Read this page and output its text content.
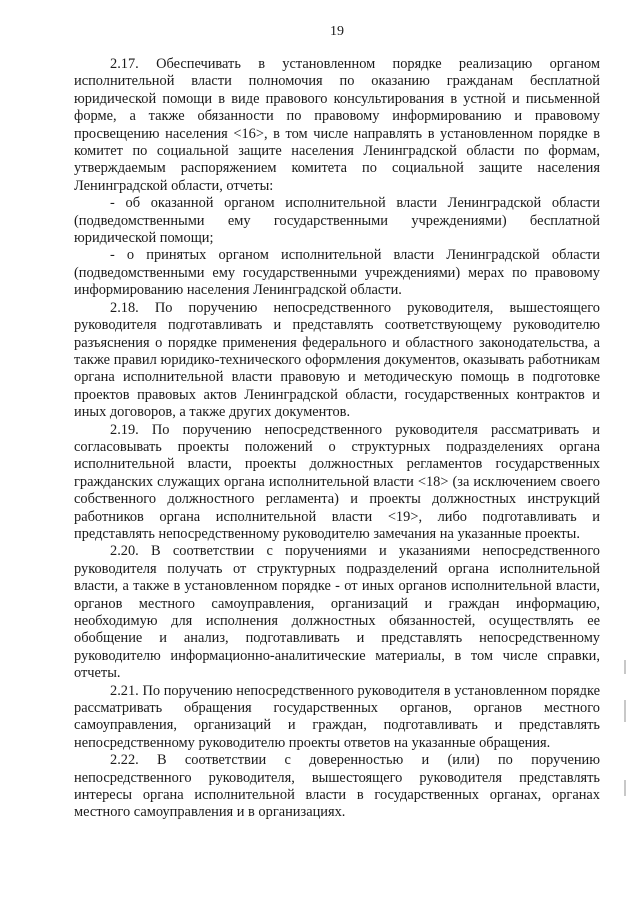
19

2.17. Обеспечивать в установленном порядке реализацию органом исполнительной власти полномочия по оказанию гражданам бесплатной юридической помощи в виде правового консультирования в устной и письменной форме, а также обязанности по правовому информированию и правовому просвещению населения <16>, в том числе направлять в установленном порядке в комитет по социальной защите населения Ленинградской области по формам, утверждаемым распоряжением комитета по социальной защите населения Ленинградской области, отчеты:

- об оказанной органом исполнительной власти Ленинградской области (подведомственными ему государственными учреждениями) бесплатной юридической помощи;

- о принятых органом исполнительной власти Ленинградской области (подведомственными ему государственными учреждениями) мерах по правовому информированию населения Ленинградской области.

2.18. По поручению непосредственного руководителя, вышестоящего руководителя подготавливать и представлять соответствующему руководителю разъяснения о порядке применения федерального и областного законодательства, а также правил юридико-технического оформления документов, оказывать работникам органа исполнительной власти правовую и методическую помощь в подготовке проектов правовых актов Ленинградской области, государственных контрактов и иных договоров, а также других документов.

2.19. По поручению непосредственного руководителя рассматривать и согласовывать проекты положений о структурных подразделениях органа исполнительной власти, проекты должностных регламентов государственных гражданских служащих органа исполнительной власти <18> (за исключением своего собственного должностного регламента) и проекты должностных инструкций работников органа исполнительной власти <19>, либо подготавливать и представлять непосредственному руководителю замечания на указанные проекты.

2.20. В соответствии с поручениями и указаниями непосредственного руководителя получать от структурных подразделений органа исполнительной власти, а также в установленном порядке - от иных органов исполнительной власти, органов местного самоуправления, организаций и граждан информацию, необходимую для исполнения должностных обязанностей, осуществлять ее обобщение и анализ, подготавливать и представлять непосредственному руководителю информационно-аналитические материалы, в том числе справки, отчеты.

2.21. По поручению непосредственного руководителя в установленном порядке рассматривать обращения государственных органов, органов местного самоуправления, организаций и граждан, подготавливать и представлять непосредственному руководителю проекты ответов на указанные обращения.

2.22. В соответствии с доверенностью и (или) по поручению непосредственного руководителя, вышестоящего руководителя представлять интересы органа исполнительной власти в государственных органах, органах местного самоуправления и в организациях.
